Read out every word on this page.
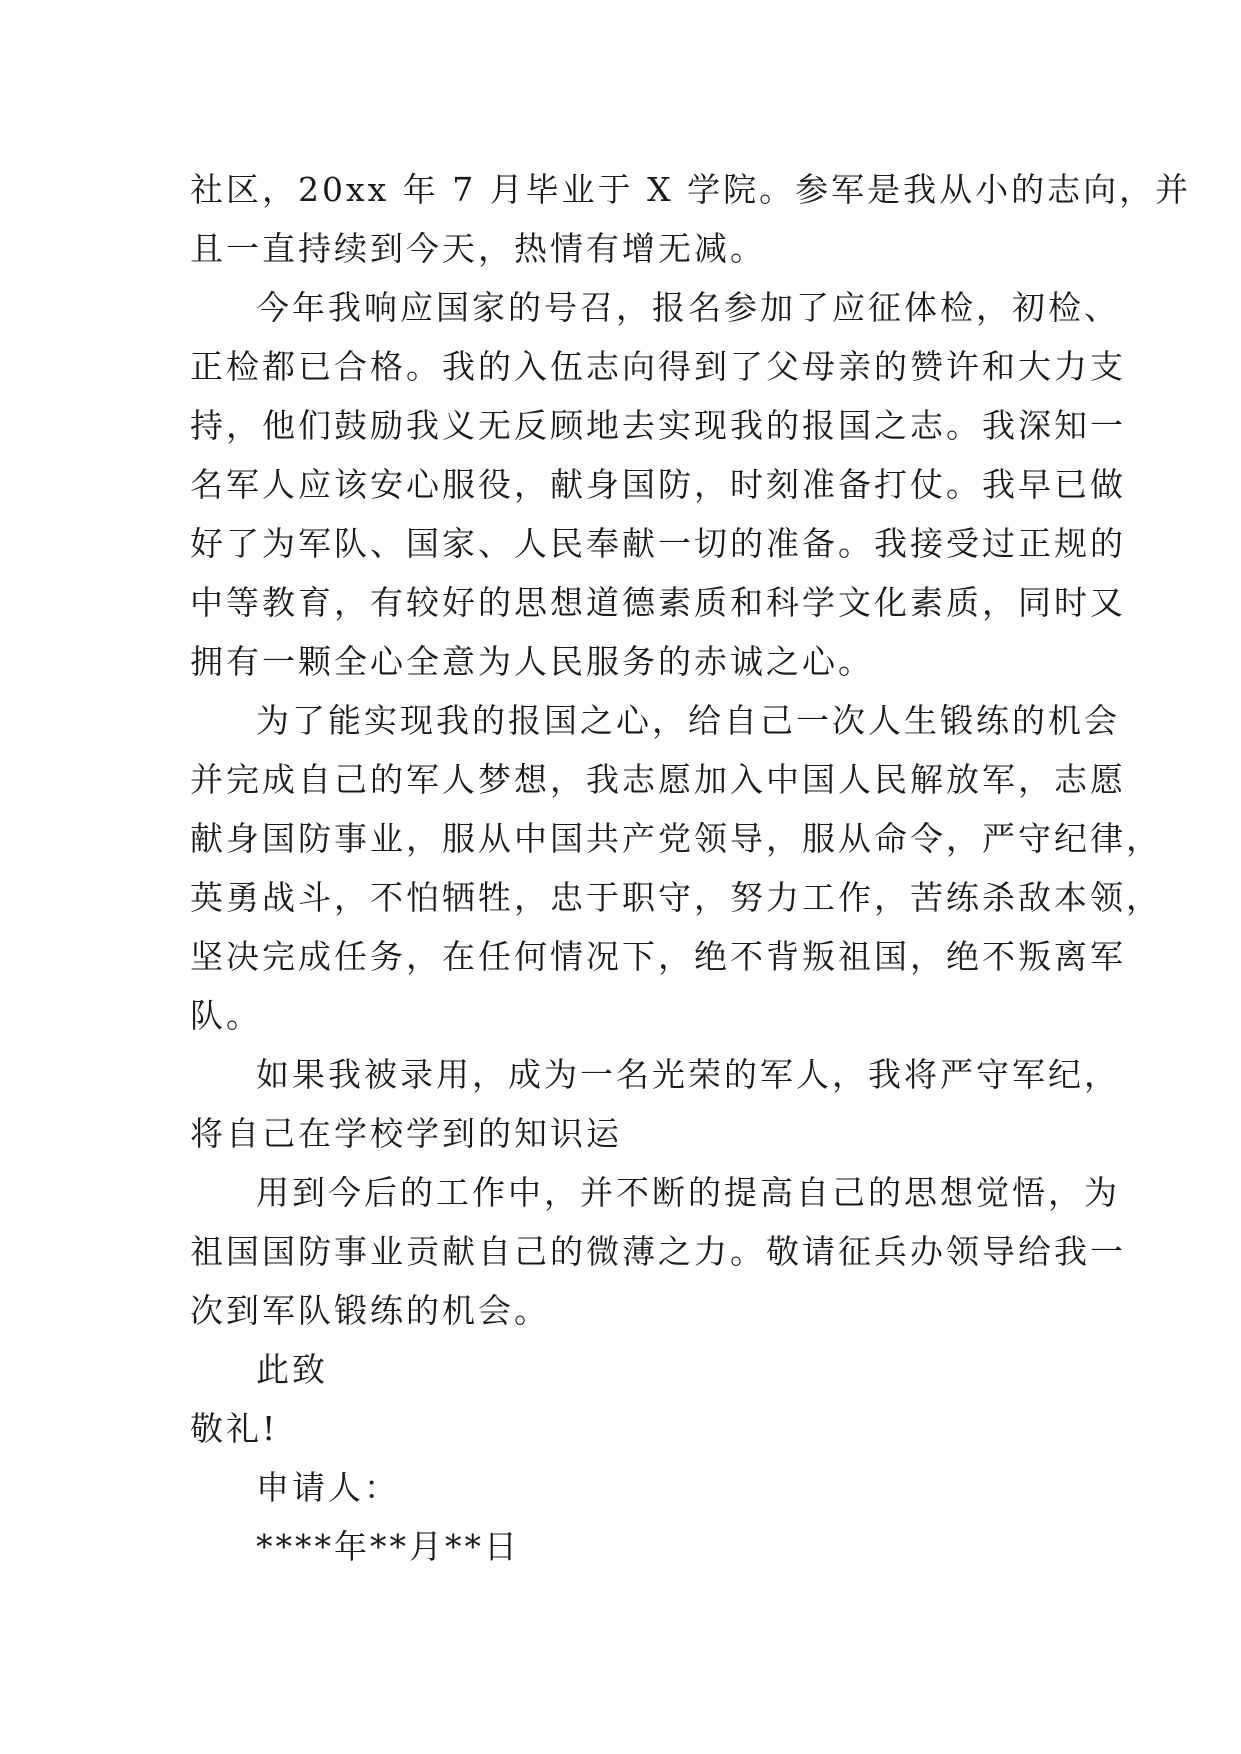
社区，20xx 年 7 月毕业于 X 学院。参军是我从小的志向，并

且一直持续到今天，热情有增无减。

今年我响应国家的号召，报名参加了应征体检，初检、

正检都已合格。我的入伍志向得到了父母亲的赞许和大力支

持，他们鼓励我义无反顾地去实现我的报国之志。我深知一

名军人应该安心服役，献身国防，时刻准备打仗。我早已做

好了为军队、国家、人民奉献一切的准备。我接受过正规的

中等教育，有较好的思想道德素质和科学文化素质，同时又

拥有一颗全心全意为人民服务的赤诚之心。

为了能实现我的报国之心，给自己一次人生锻练的机会

并完成自己的军人梦想，我志愿加入中国人民解放军，志愿

献身国防事业，服从中国共产党领导，服从命令，严守纪律，

英勇战斗，不怕牺牲，忠于职守，努力工作，苦练杀敌本领，

坚决完成任务，在任何情况下，绝不背叛祖国，绝不叛离军

队。

如果我被录用，成为一名光荣的军人，我将严守军纪，

将自己在学校学到的知识运

用到今后的工作中，并不断的提高自己的思想觉悟，为

祖国国防事业贡献自己的微薄之力。敬请征兵办领导给我一

次到军队锻练的机会。

此致

敬礼!

申请人：

****年**月**日
